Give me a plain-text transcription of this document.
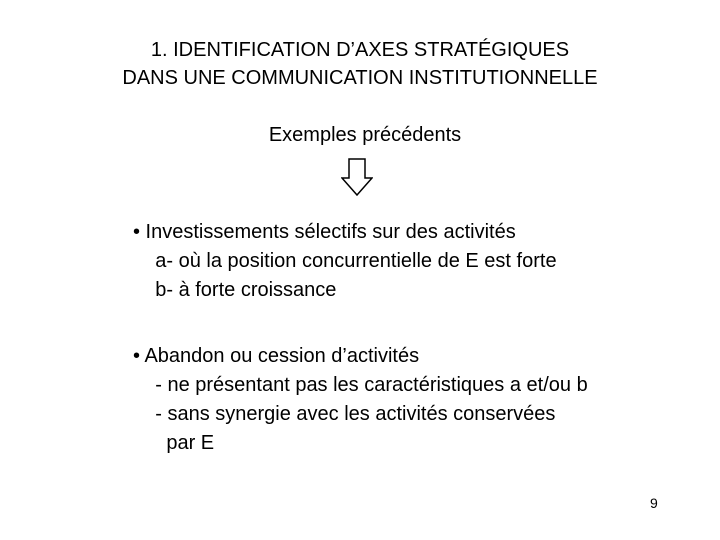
1. IDENTIFICATION D’AXES STRATÉGIQUES
DANS UNE COMMUNICATION INSTITUTIONNELLE
Exemples précédents
• Investissements sélectifs sur des activités
a- où la position concurrentielle de E est forte
b- à forte croissance
• Abandon ou cession d’activités
- ne présentant pas les caractéristiques a et/ou b
- sans synergie avec les activités conservées
par E
9
